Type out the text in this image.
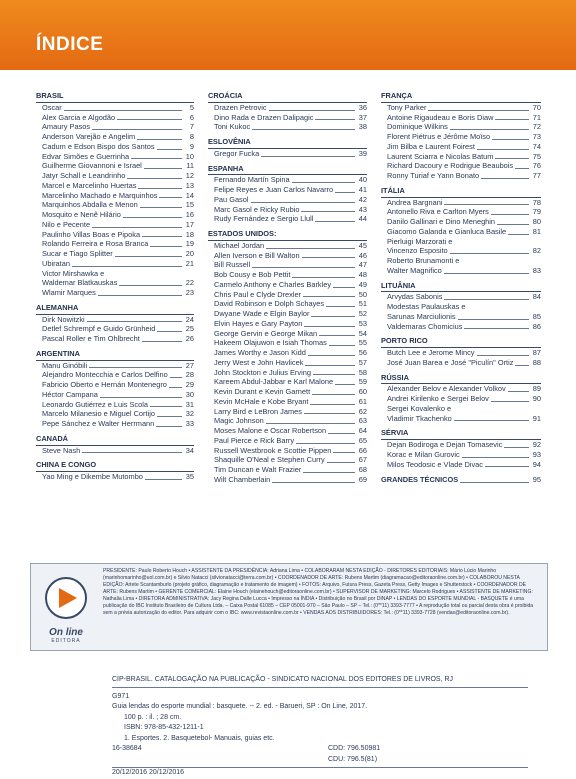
ÍNDICE
BRASIL
Oscar	5
Alex Garcia e Algodão	6
Amaury Pasos	7
Anderson Varejão e Angelim	8
Cadum e Edson Bispo dos Santos	9
Edvar Simões e Guerrinha	10
Guilherme Giovannoni e Israel	11
Jatyr Schall e Leandrinho	12
Marcel e Marcelinho Huertas	13
Marcelinho Machado e Marquinhos	14
Marquinhos Abdalla e Menon	15
Mosquito e Nenê Hilário	16
Nilo e Pecente	17
Paulinho Villas Boas e Pipoka	18
Rolando Ferreira e Rosa Branca	19
Sucar e Tiago Splitter	20
Ubiratan	21
Victor Mirshawka e
Waldemar Blatkauskas	22
Wlamir Marques	23
ALEMANHA
Dirk Nowitzki	24
Detlef Schrempf e Guido Grünheid	25
Pascal Roller e Tim Ohlbrecht	26
ARGENTINA
Manu Ginóbili	27
Alejandro Montecchia e Carlos Delfino 28
Fabricio Oberto e Hernán Montenegro	29
Héctor Campana	30
Leonardo Gutiérrez e Luis Scola	31
Marcelo Milanesio e Miguel Cortijo	32
Pepe Sánchez e Walter Herrmann	33
CANADÁ
Steve Nash	34
CHINA E CONGO
Yao Ming e Dikembe Mutombo	35
CROÁCIA
Drazen Petrovic	36
Dino Rada e Drazen Dalipagic	37
Toni Kukoc	38
ESLOVÊNIA
Gregor Fucka	39
ESPANHA
Fernando Martín Spina	40
Felipe Reyes e Juan Carlos Navarro	41
Pau Gasol	42
Marc Gasol e Ricky Rubio	43
Rudy Fernández e Sergio Llull	44
ESTADOS UNIDOS:
Michael Jordan	45
Allen Iverson e Bill Walton	46
Bill Russell	47
Bob Cousy e Bob Pettit	48
Carmelo Anthony e Charles Barkley	49
Chris Paul e Clyde Drexler	50
David Robinson e Dolph Schayes	51
Dwyane Wade e Elgin Baylor	52
Elvin Hayes e Gary Payton	53
George Gervin e George Mikan	54
Hakeem Olajuwon e Isiah Thomas	55
James Worthy e Jason Kidd	56
Jerry West e John Havlicek	57
John Stockton e Julius Erving	58
Kareem Abdul-Jabbar e Karl Malone	59
Kevin Durant e Kevin Garnett	60
Kevin McHale e Kobe Bryant	61
Larry Bird e LeBron James	62
Magic Johnson	63
Moses Malone e Oscar Robertson	64
Paul Pierce e Rick Barry	65
Russell Westbrook e Scottie Pippen	66
Shaquille O'Neal e Stephen Curry	67
Tim Duncan e Walt Frazier	68
Wilt Chamberlain	69
FRANÇA
Tony Parker	70
Antoine Rigaudeau e Boris Diaw	71
Dominique Wilkins	72
Florent Piétrus e Jérôme Moïso	73
Jim Bilba e Laurent Foirest	74
Laurent Sciarra e Nicolas Batum	75
Richard Dacoury e Rodrigue Beaubois	76
Ronny Turiaf e Yann Bonato	77
ITÁLIA
Andrea Bargnani	78
Antonello Riva e Carlton Myers	79
Danilo Gallinari e Dino Meneghin	80
Giacomo Galanda e Gianluca Basile	81
Pierluigi Marzorati e
Vincenzo Esposito	82
Roberto Brunamonti e
Walter Magnifico	83
LITUÂNIA
Arvydas Sabonis	84
Modestas Paulauskas e
Sarunas Marciulionis	85
Valdemaras Chomicius	86
PORTO RICO
Butch Lee e Jerome Mincy	87
José Juan Barea e José "Piculín" Ortiz	88
RÚSSIA
Alexander Belov e Alexander Volkov	89
Andrei Kirilenko e Sergei Belov	90
Sergei Kovalenko e
Vladimir Tkachenko	91
SÉRVIA
Dejan Bodiroga e Dejan Tomasevic	92
Korac e Milan Gurovic	93
Milos Teodosic e Vlade Divac	94
GRANDES TÉCNICOS	95
On line
EDITORA
PRESIDENTE: Paulo Roberto Houch • ASSISTENTE DA PRESIDÊNCIA: Adriana Lima • COLABORARAM NESTA EDIÇÃO - DIRETORES EDITORIAIS: Mário Lúcio Marinho (marinhomarinho@uol.com.br) e Silvio Natacci (silvionatacci@terra.com.br) • COORDENADOR DE ARTE: Rubens Martim (diagramacao@editoraonline.com.br) • COLABOROU NESTA EDIÇÃO: Artete Scantamburlo (projeto gráfico, diagramação e tratamento de imagem) • FOTOS: Arquivo, Futura Press, Gazeta Press, Getty Images e Shutterstock • COORDENADOR DE ARTE: Rubens Martim • GERENTE COMERCIAL: Elaine Houch (elainehouch@editoraonline.com.br) • SUPERVISOR DE MARKETING: Marcelo Rodrigues • ASSISTENTE DE MARKETING: Nathalia Lima • DIRETORA ADMINISTRATIVA: Jacy Regina Dalle Lucca • Impresso na ÍNDIA • Distribuição no Brasil por DINAP • LENDAS DO ESPORTE MUNDIAL - BASQUETE é uma publicação do IBC Instituto Brasileiro de Cultura Ltda. – Caixa Postal 61085 – CEP 05001-970 – São Paulo – SP – Tel.: (0**11) 3393-7777 • A reprodução total ou parcial desta obra é proibida sem a prévia autorização do editor. Para adquirir com o IBC: www.revistaonline.com.br • VENDAS AOS DISTRIBUIDORES: Tel.: (0**11) 3393-7728 (vendas@editoraonline.com.br).
CIP-BRASIL. CATALOGAÇÃO NA PUBLICAÇÃO - SINDICATO NACIONAL DOS EDITORES DE LIVROS, RJ
G971
Guia lendas do esporte mundial : basquete. -- 2. ed. - Barueri, SP : On Line, 2017.
100 p. : il. ; 28 cm.
ISBN: 978-85-432-1211-1
1. Esportes. 2. Basquetebol- Manuais, guias etc.
16-38684	CDD: 796.50981

CDU: 796.5(81)
20/12/2016 20/12/2016
